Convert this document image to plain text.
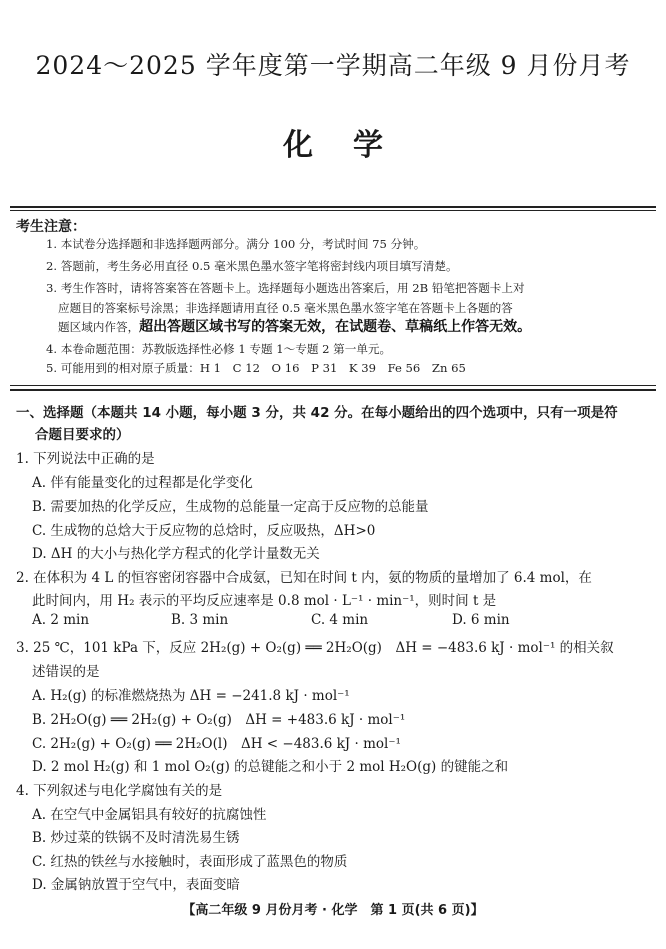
2024～2025 学年度第一学期高二年级 9 月份月考
化学
考生注意：
1. 本试卷分选择题和非选择题两部分。满分 100 分，考试时间 75 分钟。
2. 答题前，考生务必用直径 0.5 毫米黑色墨水签字笔将密封线内项目填写清楚。
3. 考生作答时，请将答案答在答题卡上。选择题每小题选出答案后，用 2B 铅笔把答题卡上对
应题目的答案标号涂黑；非选择题请用直径 0.5 毫米黑色墨水签字笔在答题卡上各题的答
题区域内作答，超出答题区域书写的答案无效，在试题卷、草稿纸上作答无效。
4. 本卷命题范围：苏教版选择性必修 1 专题 1～专题 2 第一单元。
5. 可能用到的相对原子质量：H 1　C 12　O 16　P 31　K 39　Fe 56　Zn 65
一、选择题（本题共 14 小题，每小题 3 分，共 42 分。在每小题给出的四个选项中，只有一项是符
合题目要求的）
1. 下列说法中正确的是
A. 伴有能量变化的过程都是化学变化
B. 需要加热的化学反应，生成物的总能量一定高于反应物的总能量
C. 生成物的总焓大于反应物的总焓时，反应吸热，ΔH>0
D. ΔH 的大小与热化学方程式的化学计量数无关
2. 在体积为 4 L 的恒容密闭容器中合成氨，已知在时间 t 内，氨的物质的量增加了 6.4 mol，在
此时间内，用 H₂ 表示的平均反应速率是 0.8 mol · L⁻¹ · min⁻¹，则时间 t 是
A. 2 min	B. 3 min	C. 4 min	D. 6 min
3. 25 ℃，101 kPa 下，反应 2H₂(g) + O₂(g) ══ 2H₂O(g)　ΔH = −483.6 kJ · mol⁻¹ 的相关叙
述错误的是
A. H₂(g) 的标准燃烧热为 ΔH = −241.8 kJ · mol⁻¹
B. 2H₂O(g) ══ 2H₂(g) + O₂(g)　ΔH = +483.6 kJ · mol⁻¹
C. 2H₂(g) + O₂(g) ══ 2H₂O(l)　ΔH < −483.6 kJ · mol⁻¹
D. 2 mol H₂(g) 和 1 mol O₂(g) 的总键能之和小于 2 mol H₂O(g) 的键能之和
4. 下列叙述与电化学腐蚀有关的是
A. 在空气中金属铝具有较好的抗腐蚀性
B. 炒过菜的铁锅不及时清洗易生锈
C. 红热的铁丝与水接触时，表面形成了蓝黑色的物质
D. 金属钠放置于空气中，表面变暗
【高二年级 9 月份月考 · 化学　第 1 页(共 6 页)】
